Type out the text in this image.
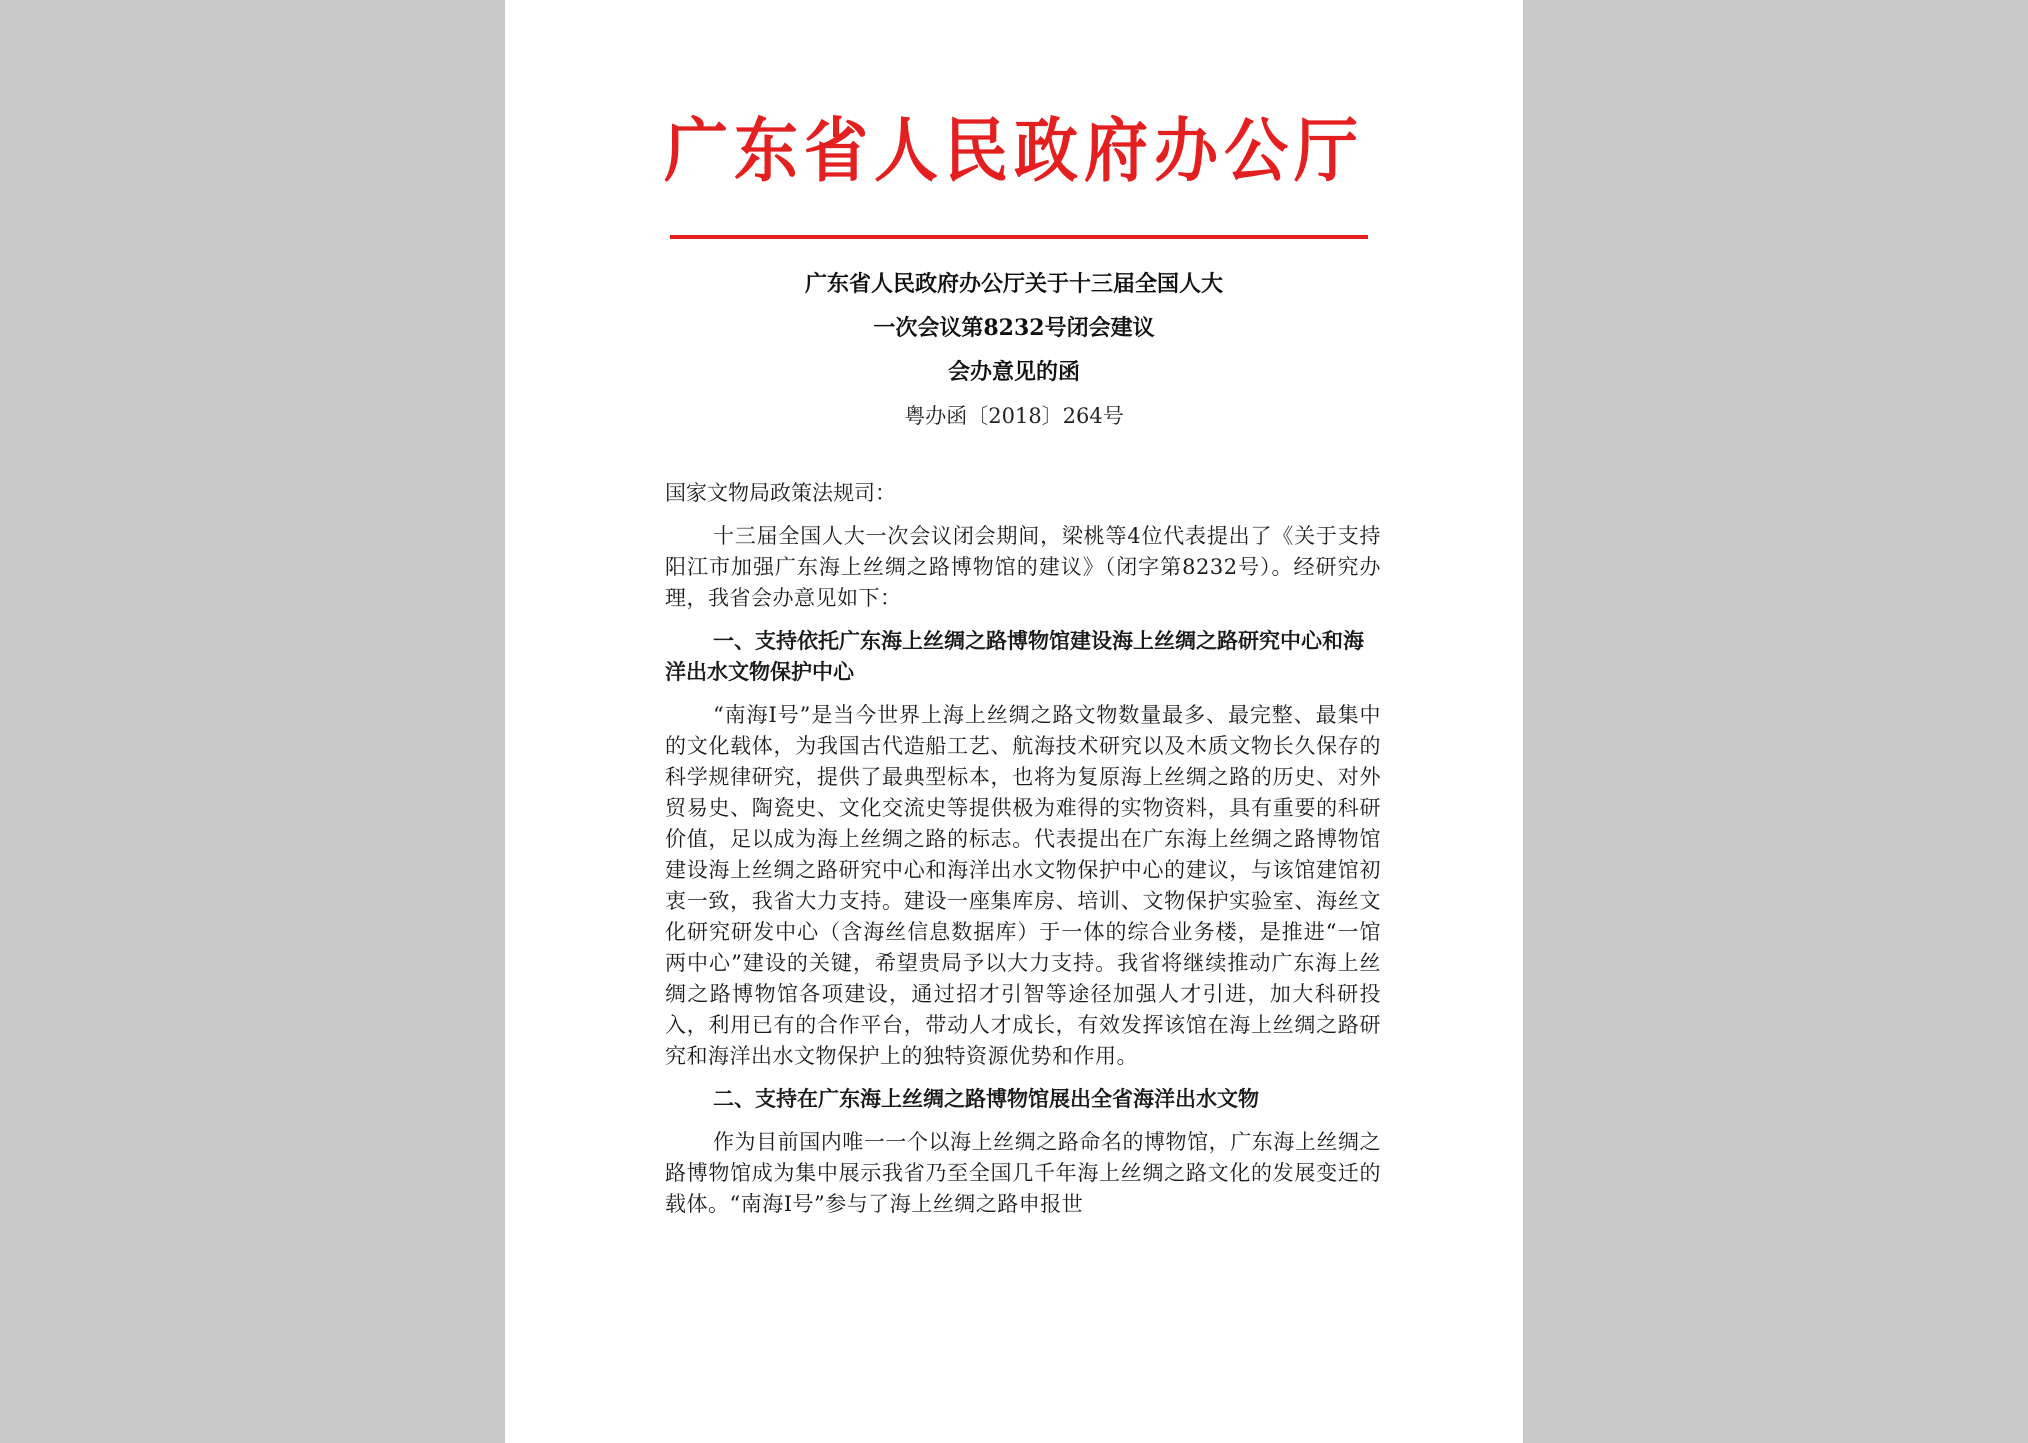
广东省人民政府办公厅
广东省人民政府办公厅关于十三届全国人大
一次会议第8232号闭会建议
会办意见的函
粤办函〔2018〕264号

国家文物局政策法规司：

十三届全国人大一次会议闭会期间，梁桃等4位代表提出了《关于支持阳江市加强广东海上丝绸之路博物馆的建议》（闭字第8232号）。经研究办理，我省会办意见如下：

一、支持依托广东海上丝绸之路博物馆建设海上丝绸之路研究中心和海洋出水文物保护中心

“南海Ⅰ号”是当今世界上海上丝绸之路文物数量最多、最完整、最集中的文化载体，为我国古代造船工艺、航海技术研究以及木质文物长久保存的科学规律研究，提供了最典型标本，也将为复原海上丝绸之路的历史、对外贸易史、陶瓷史、文化交流史等提供极为难得的实物资料，具有重要的科研价值，足以成为海上丝绸之路的标志。代表提出在广东海上丝绸之路博物馆建设海上丝绸之路研究中心和海洋出水文物保护中心的建议，与该馆建馆初衷一致，我省大力支持。建设一座集库房、培训、文物保护实验室、海丝文化研究研发中心（含海丝信息数据库）于一体的综合业务楼，是推进“一馆两中心”建设的关键，希望贵局予以大力支持。我省将继续推动广东海上丝绸之路博物馆各项建设，通过招才引智等途径加强人才引进，加大科研投入，利用已有的合作平台，带动人才成长，有效发挥该馆在海上丝绸之路研究和海洋出水文物保护上的独特资源优势和作用。

二、支持在广东海上丝绸之路博物馆展出全省海洋出水文物

作为目前国内唯一一个以海上丝绸之路命名的博物馆，广东海上丝绸之路博物馆成为集中展示我省乃至全国几千年海上丝绸之路文化的发展变迁的载体。“南海Ⅰ号”参与了海上丝绸之路申报世
